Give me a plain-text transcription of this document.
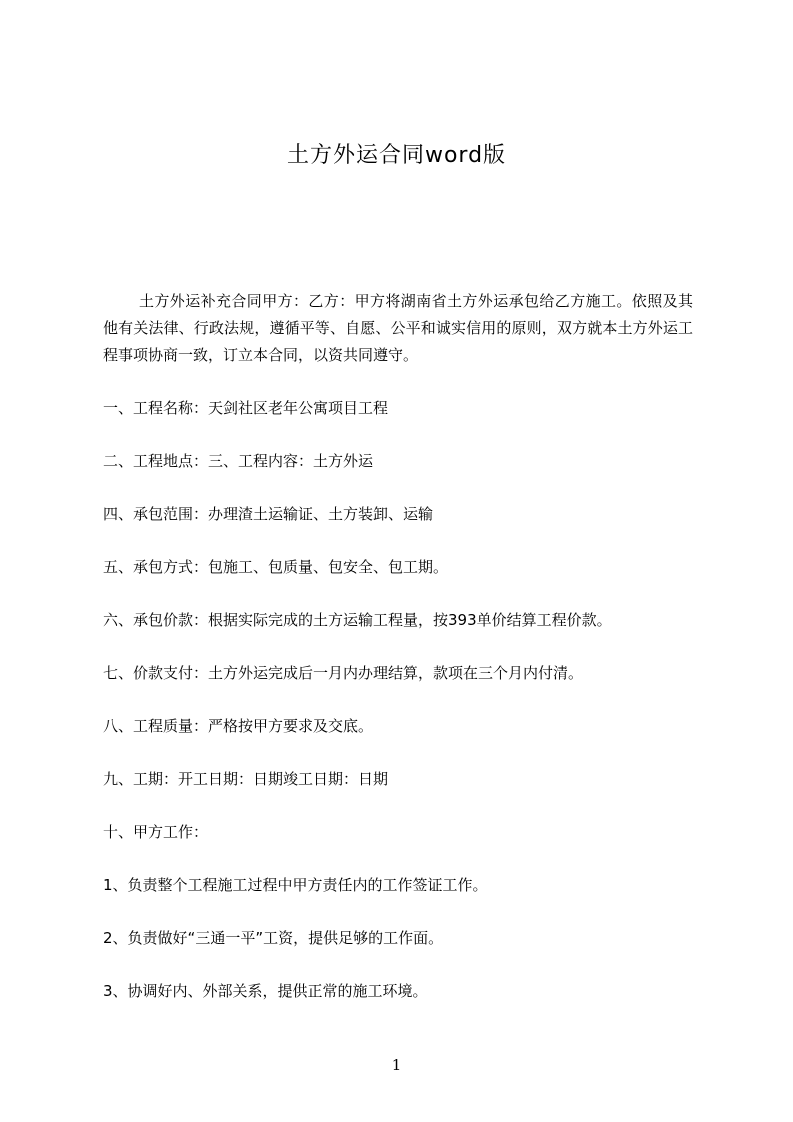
土方外运合同word版
土方外运补充合同甲方：乙方：甲方将湖南省土方外运承包给乙方施工。依照及其他有关法律、行政法规，遵循平等、自愿、公平和诚实信用的原则，双方就本土方外运工程事项协商一致，订立本合同，以资共同遵守。
一、工程名称：天剑社区老年公寓项目工程
二、工程地点：三、工程内容：土方外运
四、承包范围：办理渣土运输证、土方装卸、运输
五、承包方式：包施工、包质量、包安全、包工期。
六、承包价款：根据实际完成的土方运输工程量，按393单价结算工程价款。
七、价款支付：土方外运完成后一月内办理结算，款项在三个月内付清。
八、工程质量：严格按甲方要求及交底。
九、工期：开工日期：日期竣工日期：日期
十、甲方工作：
1、负责整个工程施工过程中甲方责任内的工作签证工作。
2、负责做好“三通一平”工资，提供足够的工作面。
3、协调好内、外部关系，提供正常的施工环境。
1
